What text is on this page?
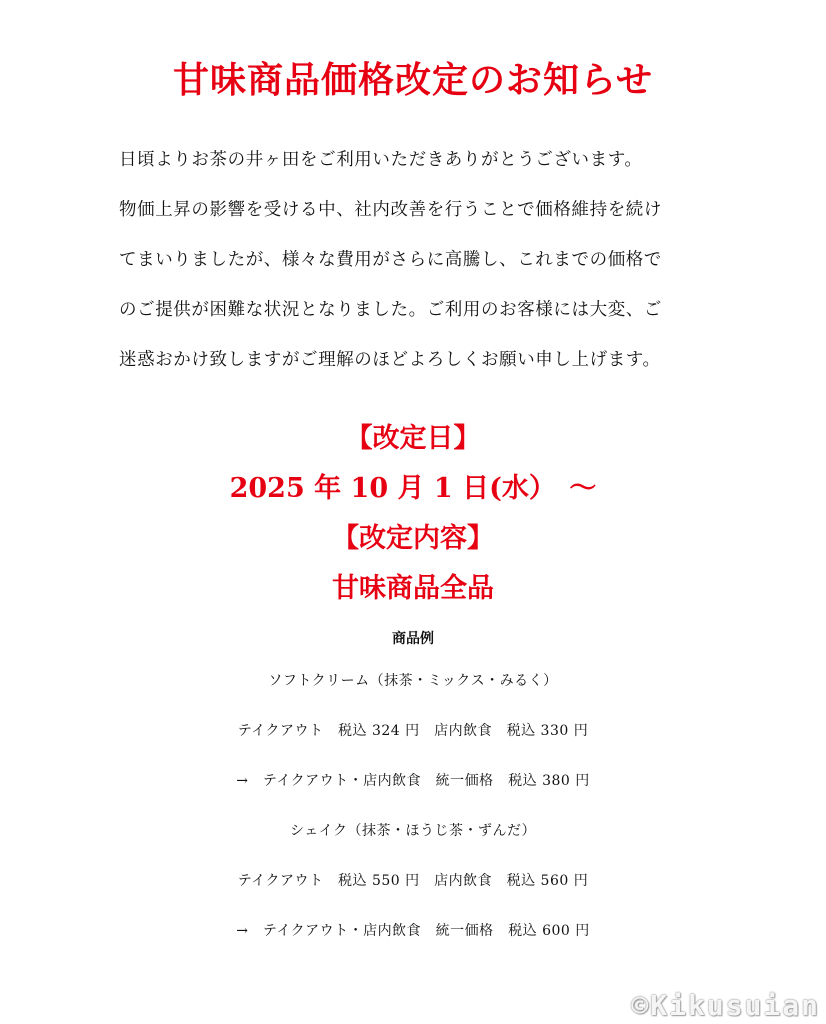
甘味商品価格改定のお知らせ
日頃よりお茶の井ヶ田をご利用いただきありがとうございます。
物価上昇の影響を受ける中、社内改善を行うことで価格維持を続け
てまいりましたが、様々な費用がさらに高騰し、これまでの価格で
のご提供が困難な状況となりました。ご利用のお客様には大変、ご
迷惑おかけ致しますがご理解のほどよろしくお願い申し上げます。
【改定日】
2025 年 10 月 1 日(水）　～
【改定内容】
甘味商品全品
商品例
ソフトクリーム（抹茶・ミックス・みるく）
テイクアウト　税込 324 円　店内飲食　税込 330 円
→　テイクアウト・店内飲食　統一価格　税込 380 円
シェイク（抹茶・ほうじ茶・ずんだ）
テイクアウト　税込 550 円　店内飲食　税込 560 円
→　テイクアウト・店内飲食　統一価格　税込 600 円
©Kikusuian
